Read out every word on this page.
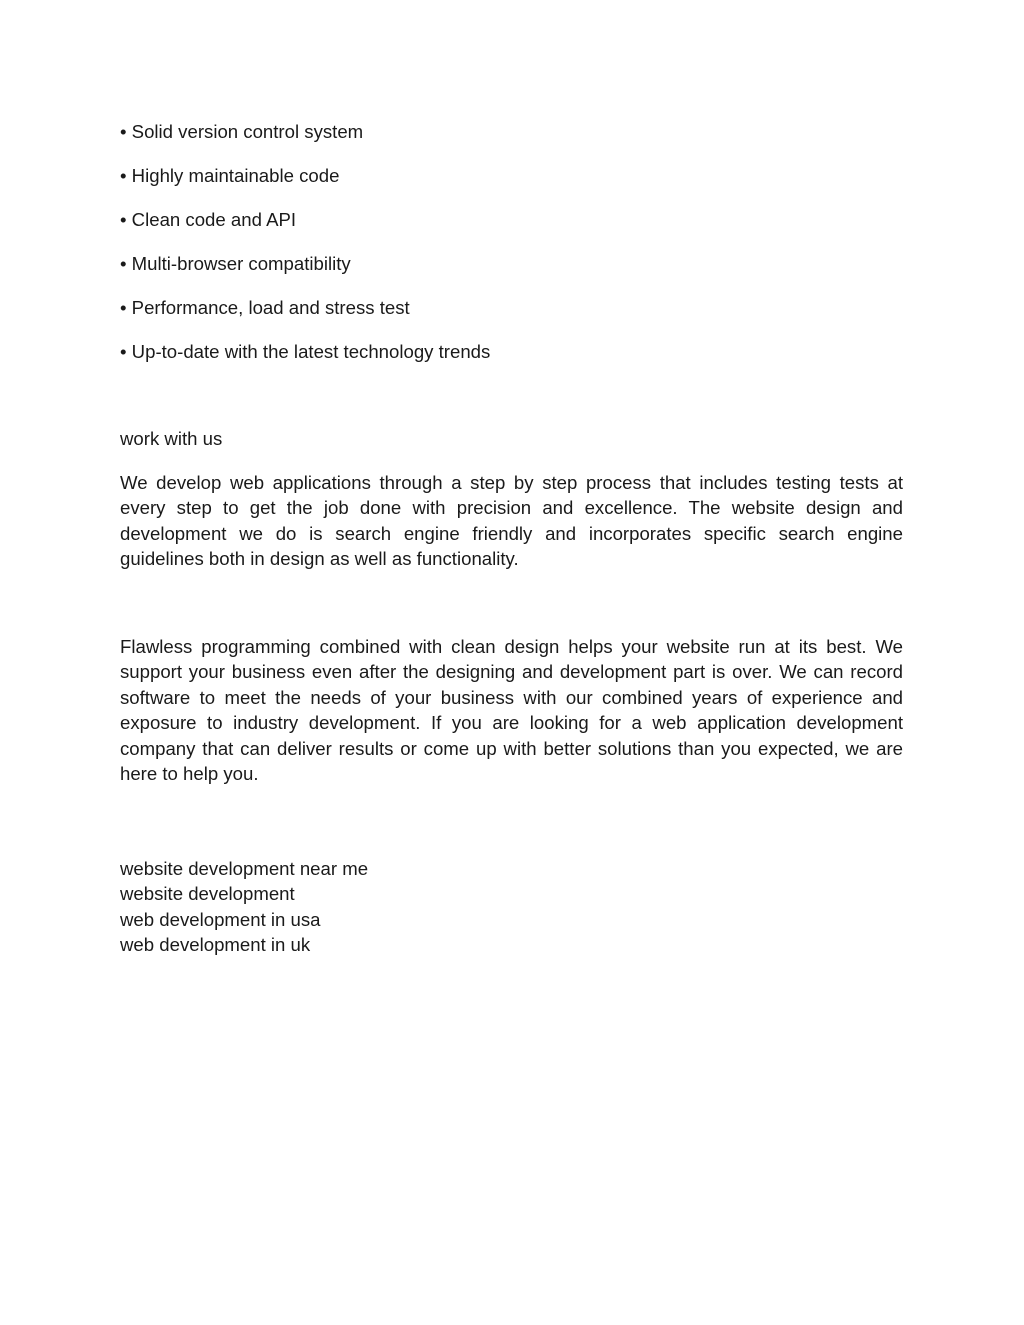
• Solid version control system
• Highly maintainable code
• Clean code and API
• Multi-browser compatibility
• Performance, load and stress test
• Up-to-date with the latest technology trends
work with us

We develop web applications through a step by step process that includes testing tests at every step to get the job done with precision and excellence. The website design and development we do is search engine friendly and incorporates specific search engine guidelines both in design as well as functionality.

Flawless programming combined with clean design helps your website run at its best. We support your business even after the designing and development part is over. We can record software to meet the needs of your business with our combined years of experience and exposure to industry development. If you are looking for a web application development company that can deliver results or come up with better solutions than you expected, we are here to help you.

website development near me
website development
web development in usa
web development in uk
